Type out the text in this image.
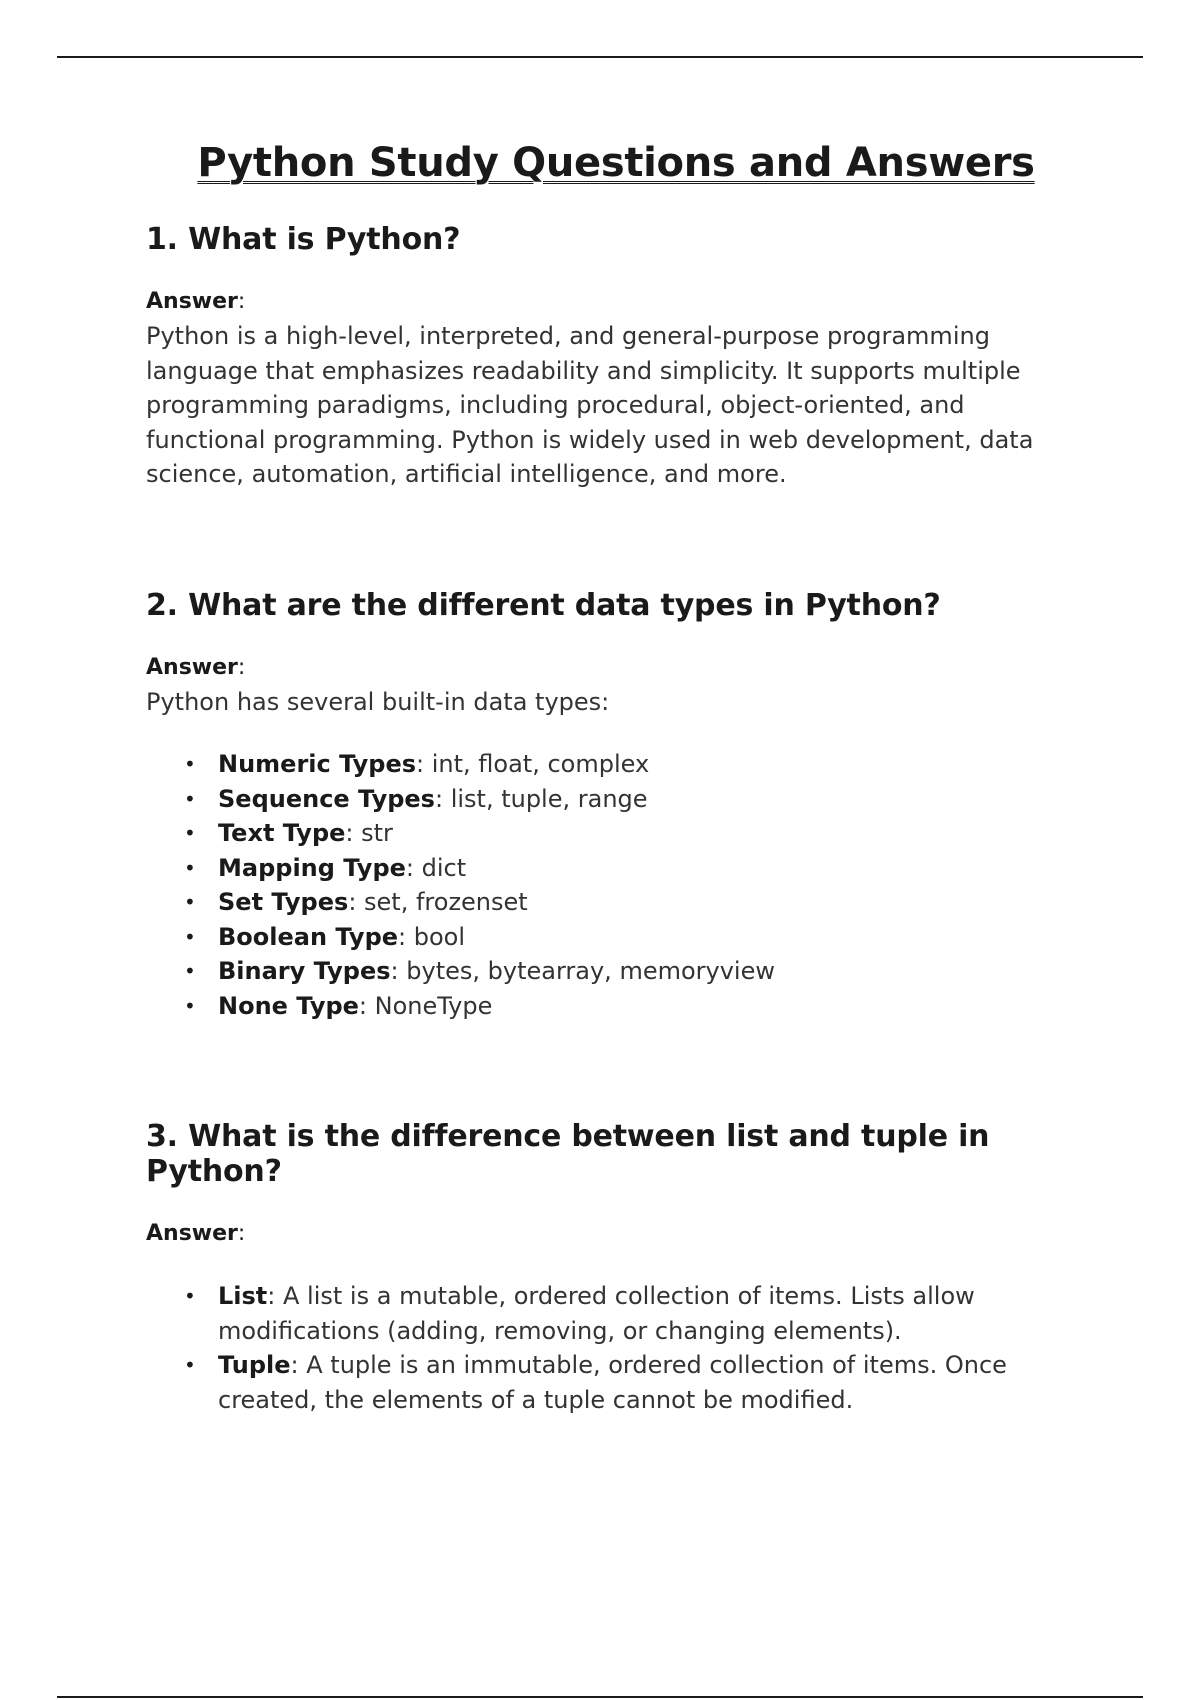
Python Study Questions and Answers
1. What is Python?
Answer:

Python is a high-level, interpreted, and general-purpose programming language that emphasizes readability and simplicity. It supports multiple programming paradigms, including procedural, object-oriented, and functional programming. Python is widely used in web development, data science, automation, artificial intelligence, and more.

2. What are the different data types in Python?
Answer:

Python has several built-in data types:

• Numeric Types: int, float, complex
• Sequence Types: list, tuple, range
• Text Type: str
• Mapping Type: dict
• Set Types: set, frozenset
• Boolean Type: bool
• Binary Types: bytes, bytearray, memoryview
• None Type: NoneType
3. What is the difference between list and tuple in Python?
Answer:
• List: A list is a mutable, ordered collection of items. Lists allow modifications (adding, removing, or changing elements).
• Tuple: A tuple is an immutable, ordered collection of items. Once created, the elements of a tuple cannot be modified.
